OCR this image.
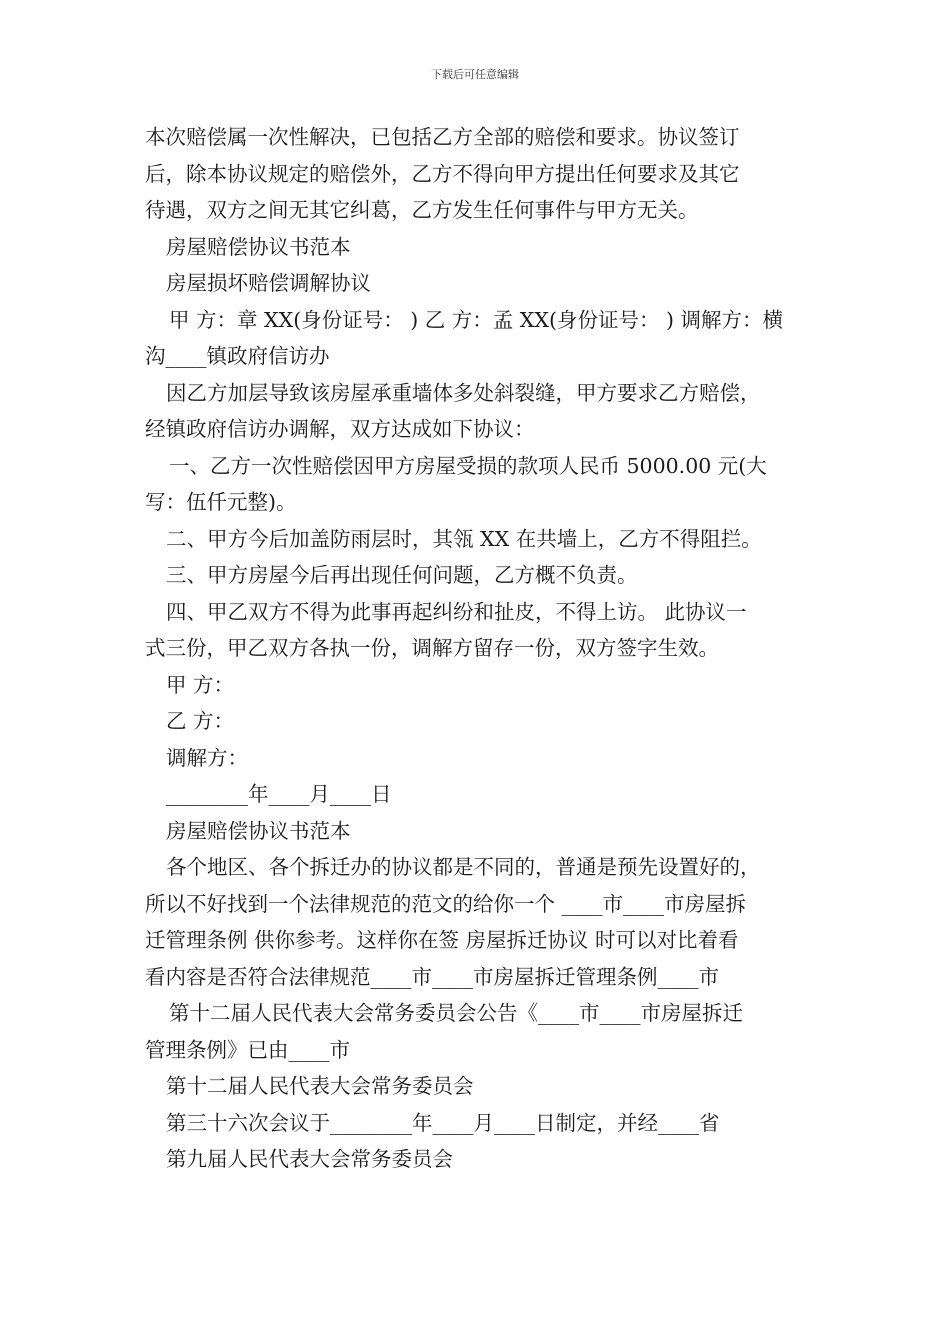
下载后可任意编辑

本次赔偿属一次性解决，已包括乙方全部的赔偿和要求。协议签订

后，除本协议规定的赔偿外，乙方不得向甲方提出任何要求及其它

待遇，双方之间无其它纠葛，乙方发生任何事件与甲方无关。

房屋赔偿协议书范本

房屋损坏赔偿调解协议

甲 方：章 XX(身份证号： ) 乙 方：孟 XX(身份证号： ) 调解方：横

沟____镇政府信访办

因乙方加层导致该房屋承重墙体多处斜裂缝，甲方要求乙方赔偿，

经镇政府信访办调解，双方达成如下协议：

一、乙方一次性赔偿因甲方房屋受损的款项人民币 5000.00 元(大

写：伍仟元整)。

二、甲方今后加盖防雨层时，其瓴 XX 在共墙上，乙方不得阻拦。

三、甲方房屋今后再出现任何问题，乙方概不负责。

四、甲乙双方不得为此事再起纠纷和扯皮，不得上访。 此协议一

式三份，甲乙双方各执一份，调解方留存一份，双方签字生效。

甲 方：

乙 方：

调解方：

________年____月____日

房屋赔偿协议书范本

各个地区、各个拆迁办的协议都是不同的，普通是预先设置好的，

所以不好找到一个法律规范的范文的给你一个 ____市____市房屋拆

迁管理条例 供你参考。这样你在签 房屋拆迁协议 时可以对比着看

看内容是否符合法律规范____市____市房屋拆迁管理条例____市

第十二届人民代表大会常务委员会公告《____市____市房屋拆迁

管理条例》已由____市

第十二届人民代表大会常务委员会

第三十六次会议于________年____月____日制定，并经____省

第九届人民代表大会常务委员会
